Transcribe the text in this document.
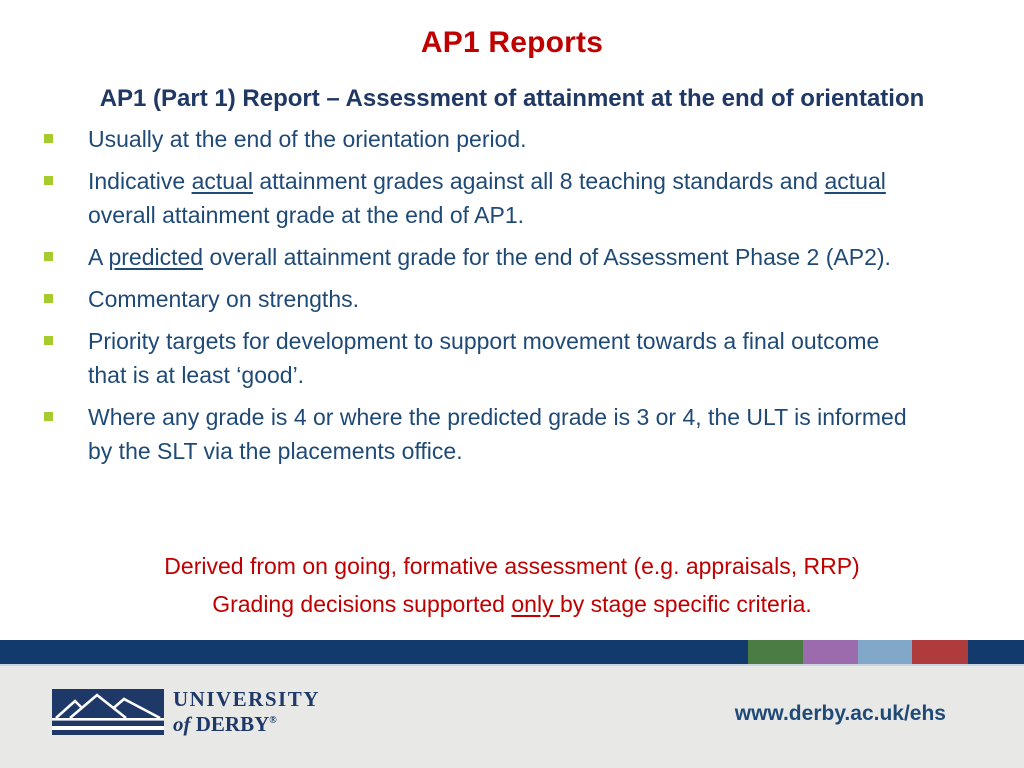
AP1 Reports
AP1 (Part 1) Report – Assessment of attainment at the end of orientation
Usually at the end of the orientation period.
Indicative actual attainment grades against all 8 teaching standards and actual overall attainment grade at the end of AP1.
A predicted overall attainment grade for the end of Assessment Phase 2 (AP2).
Commentary on strengths.
Priority targets for development to support movement towards a final outcome that is at least ‘good’.
Where any grade is 4 or where the predicted grade is 3 or 4, the ULT is informed by the SLT via the placements office.
Derived from on going, formative assessment (e.g. appraisals, RRP)
Grading decisions supported only by stage specific criteria.
UNIVERSITY
of DERBY®	www.derby.ac.uk/ehs
